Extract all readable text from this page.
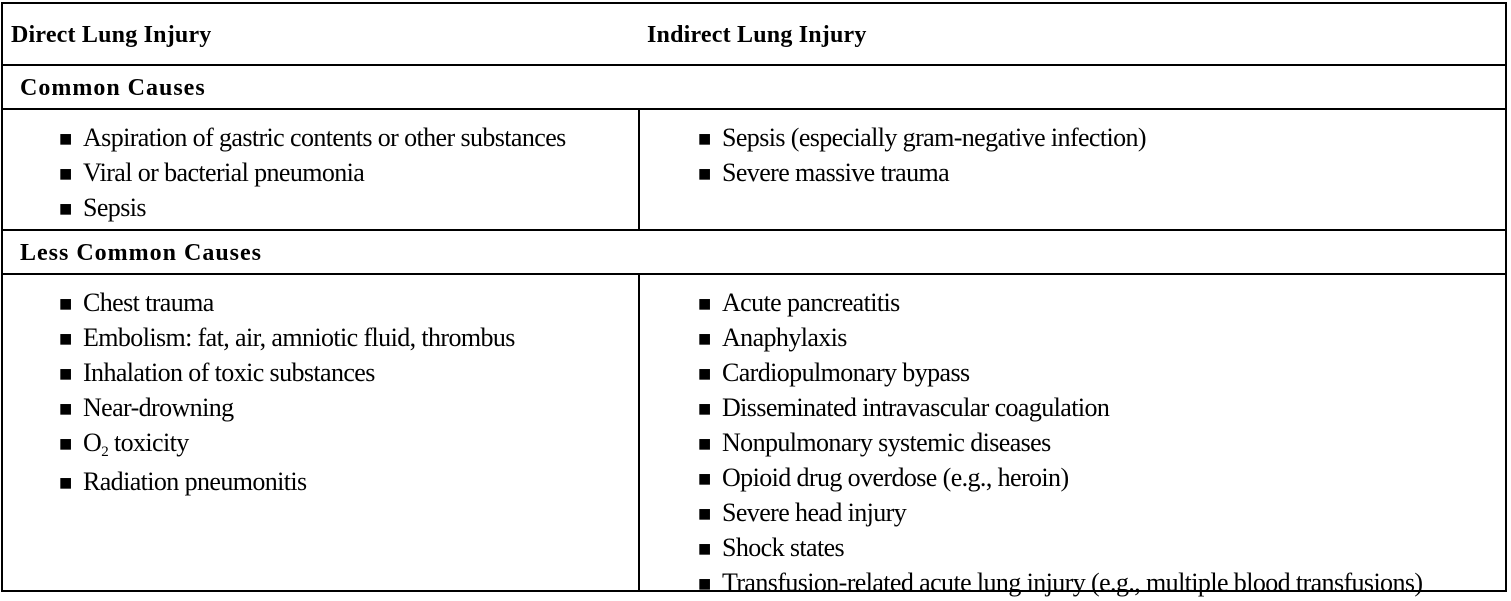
Direct Lung Injury	Indirect Lung Injury
Common Causes
■ Aspiration of gastric contents or other substances
■ Viral or bacterial pneumonia
■ Sepsis
■ Sepsis (especially gram-negative infection)
■ Severe massive trauma
Less Common Causes
■ Chest trauma
■ Embolism: fat, air, amniotic fluid, thrombus
■ Inhalation of toxic substances
■ Near-drowning
■ $O_2$ toxicity
■ Radiation pneumonitis
■ Acute pancreatitis
■ Anaphylaxis
■ Cardiopulmonary bypass
■ Disseminated intravascular coagulation
■ Nonpulmonary systemic diseases
■ Opioid drug overdose (e.g., heroin)
■ Severe head injury
■ Shock states
■ Transfusion-related acute lung injury (e.g., multiple blood transfusions)
